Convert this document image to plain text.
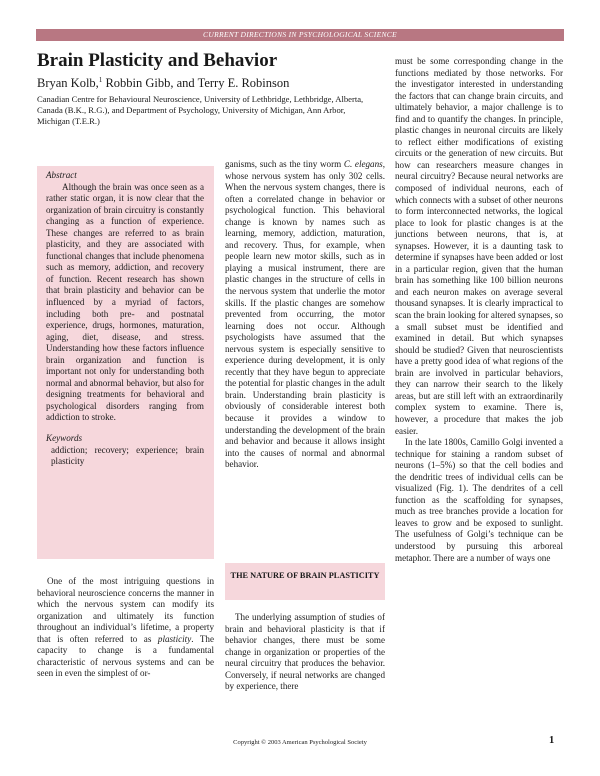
CURRENT DIRECTIONS IN PSYCHOLOGICAL SCIENCE
Brain Plasticity and Behavior
Bryan Kolb,$^1$ Robbin Gibb, and Terry E. Robinson
Canadian Centre for Behavioural Neuroscience, University of Lethbridge, Lethbridge, Alberta, Canada (B.K., R.G.), and Department of Psychology, University of Michigan, Ann Arbor, Michigan (T.E.R.)
Abstract

Although the brain was once seen as a rather static organ, it is now clear that the organization of brain circuitry is constantly changing as a function of experience. These changes are referred to as brain plasticity, and they are associated with functional changes that include phenomena such as memory, addiction, and recovery of function. Recent research has shown that brain plasticity and behavior can be influenced by a myriad of factors, including both pre- and postnatal experience, drugs, hormones, maturation, aging, diet, disease, and stress. Understanding how these factors influence brain organization and function is important not only for understanding both normal and abnormal behavior, but also for designing treatments for behavioral and psychological disorders ranging from addiction to stroke.

Keywords

addiction; recovery; experience; brain plasticity

One of the most intriguing questions in behavioral neuroscience concerns the manner in which the nervous system can modify its organization and ultimately its function throughout an individual’s lifetime, a property that is often referred to as plasticity. The capacity to change is a fundamental characteristic of nervous systems and can be seen in even the simplest of or-

ganisms, such as the tiny worm C. elegans, whose nervous system has only 302 cells. When the nervous system changes, there is often a correlated change in behavior or psychological function. This behavioral change is known by names such as learning, memory, addiction, maturation, and recovery. Thus, for example, when people learn new motor skills, such as in playing a musical instrument, there are plastic changes in the structure of cells in the nervous system that underlie the motor skills. If the plastic changes are somehow prevented from occurring, the motor learning does not occur. Although psychologists have assumed that the nervous system is especially sensitive to experience during development, it is only recently that they have begun to appreciate the potential for plastic changes in the adult brain. Understanding brain plasticity is obviously of considerable interest both because it provides a window to understanding the development of the brain and behavior and because it allows insight into the causes of normal and abnormal behavior.

THE NATURE OF BRAIN PLASTICITY

The underlying assumption of studies of brain and behavioral plasticity is that if behavior changes, there must be some change in organization or properties of the neural circuitry that produces the behavior. Conversely, if neural networks are changed by experience, there

must be some corresponding change in the functions mediated by those networks. For the investigator interested in understanding the factors that can change brain circuits, and ultimately behavior, a major challenge is to find and to quantify the changes. In principle, plastic changes in neuronal circuits are likely to reflect either modifications of existing circuits or the generation of new circuits. But how can researchers measure changes in neural circuitry? Because neural networks are composed of individual neurons, each of which connects with a subset of other neurons to form interconnected networks, the logical place to look for plastic changes is at the junctions between neurons, that is, at synapses. However, it is a daunting task to determine if synapses have been added or lost in a particular region, given that the human brain has something like 100 billion neurons and each neuron makes on average several thousand synapses. It is clearly impractical to scan the brain looking for altered synapses, so a small subset must be identified and examined in detail. But which synapses should be studied? Given that neuroscientists have a pretty good idea of what regions of the brain are involved in particular behaviors, they can narrow their search to the likely areas, but are still left with an extraordinarily complex system to examine. There is, however, a procedure that makes the job easier.

In the late 1800s, Camillo Golgi invented a technique for staining a random subset of neurons (1–5%) so that the cell bodies and the dendritic trees of individual cells can be visualized (Fig. 1). The dendrites of a cell function as the scaffolding for synapses, much as tree branches provide a location for leaves to grow and be exposed to sunlight. The usefulness of Golgi’s technique can be understood by pursuing this arboreal metaphor. There are a number of ways one

Copyright © 2003 American Psychological Society	1
